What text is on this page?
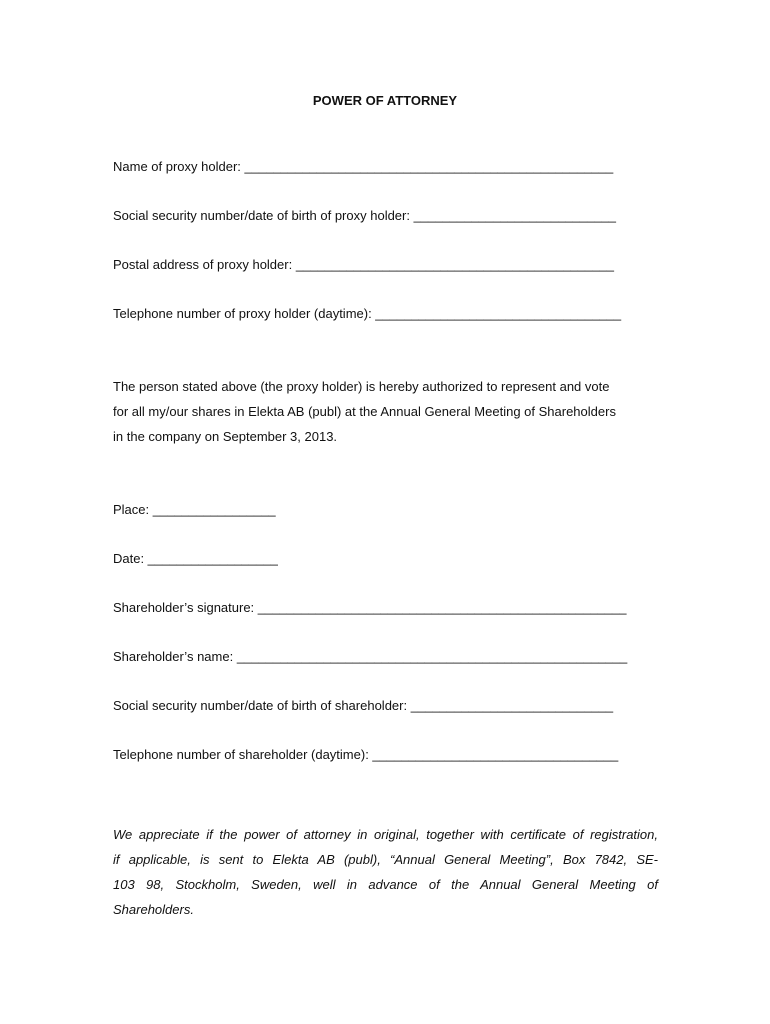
POWER OF ATTORNEY
Name of proxy holder: ___________________________________________________
Social security number/date of birth of proxy holder: ____________________________
Postal address of proxy holder: ____________________________________________
Telephone number of proxy holder (daytime): __________________________________
The person stated above (the proxy holder) is hereby authorized to represent and vote
for all my/our shares in Elekta AB (publ) at the Annual General Meeting of Shareholders
in the company on September 3, 2013.
Place: _________________
Date: __________________
Shareholder’s signature: ___________________________________________________
Shareholder’s name: ______________________________________________________
Social security number/date of birth of shareholder: ____________________________
Telephone number of shareholder (daytime): __________________________________
We appreciate if the power of attorney in original, together with certificate of registration,
if applicable, is sent to Elekta AB (publ), “Annual General Meeting”, Box 7842, SE-
103 98, Stockholm, Sweden, well in advance of the Annual General Meeting of
Shareholders.
